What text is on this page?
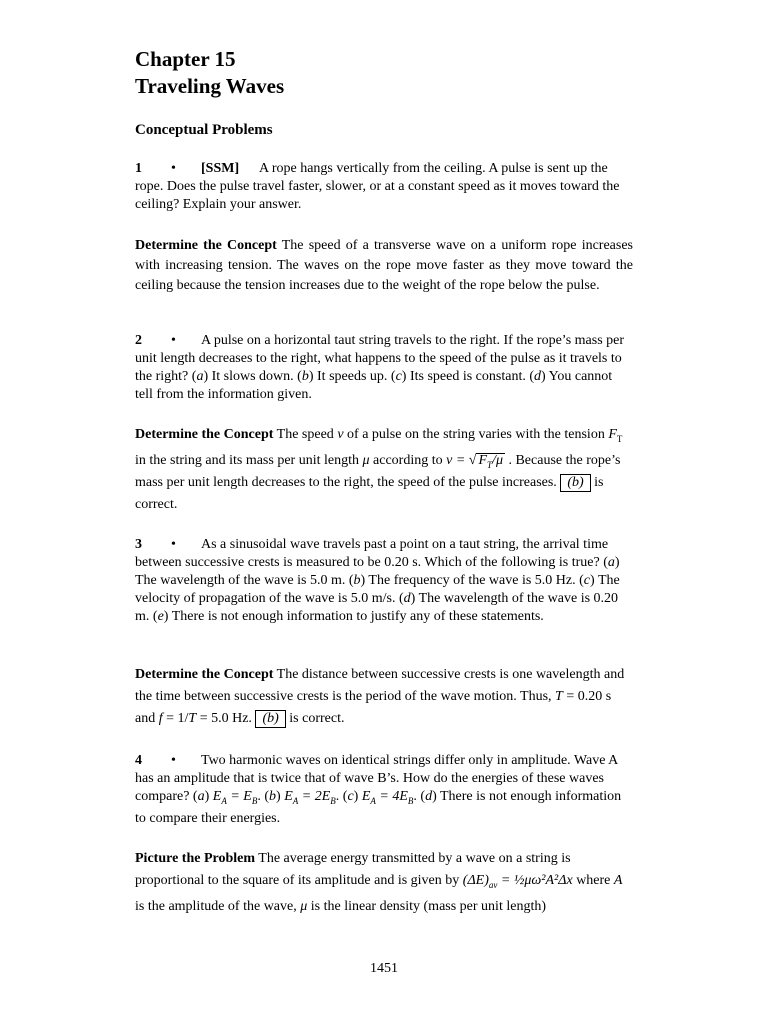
Chapter 15
Traveling Waves
Conceptual Problems
1 • [SSM] A rope hangs vertically from the ceiling. A pulse is sent up the rope. Does the pulse travel faster, slower, or at a constant speed as it moves toward the ceiling? Explain your answer.
Determine the Concept The speed of a transverse wave on a uniform rope increases with increasing tension. The waves on the rope move faster as they move toward the ceiling because the tension increases due to the weight of the rope below the pulse.
2 • A pulse on a horizontal taut string travels to the right. If the rope’s mass per unit length decreases to the right, what happens to the speed of the pulse as it travels to the right? (a) It slows down. (b) It speeds up. (c) Its speed is constant. (d) You cannot tell from the information given.
Determine the Concept The speed v of a pulse on the string varies with the tension $F_T$ in the string and its mass per unit length μ according to v = √ $F_T/\mu$ . Because the rope’s mass per unit length decreases to the right, the speed of the pulse increases. (b) is correct.
3 • As a sinusoidal wave travels past a point on a taut string, the arrival time between successive crests is measured to be 0.20 s. Which of the following is true? (a) The wavelength of the wave is 5.0 m. (b) The frequency of the wave is 5.0 Hz. (c) The velocity of propagation of the wave is 5.0 m/s. (d) The wavelength of the wave is 0.20 m. (e) There is not enough information to justify any of these statements.
Determine the Concept The distance between successive crests is one wavelength and the time between successive crests is the period of the wave motion. Thus, T = 0.20 s and f = 1/T = 5.0 Hz. (b) is correct.
4 • Two harmonic waves on identical strings differ only in amplitude. Wave A has an amplitude that is twice that of wave B’s. How do the energies of these waves compare? (a) $E_A = E_B$. (b) $E_A = 2E_B$. (c) $E_A = 4E_B$. (d) There is not enough information to compare their energies.
Picture the Problem The average energy transmitted by a wave on a string is proportional to the square of its amplitude and is given by $(\Delta E)_{av}$ = ½μω²A²Δx where A is the amplitude of the wave, μ is the linear density (mass per unit length)
1451
